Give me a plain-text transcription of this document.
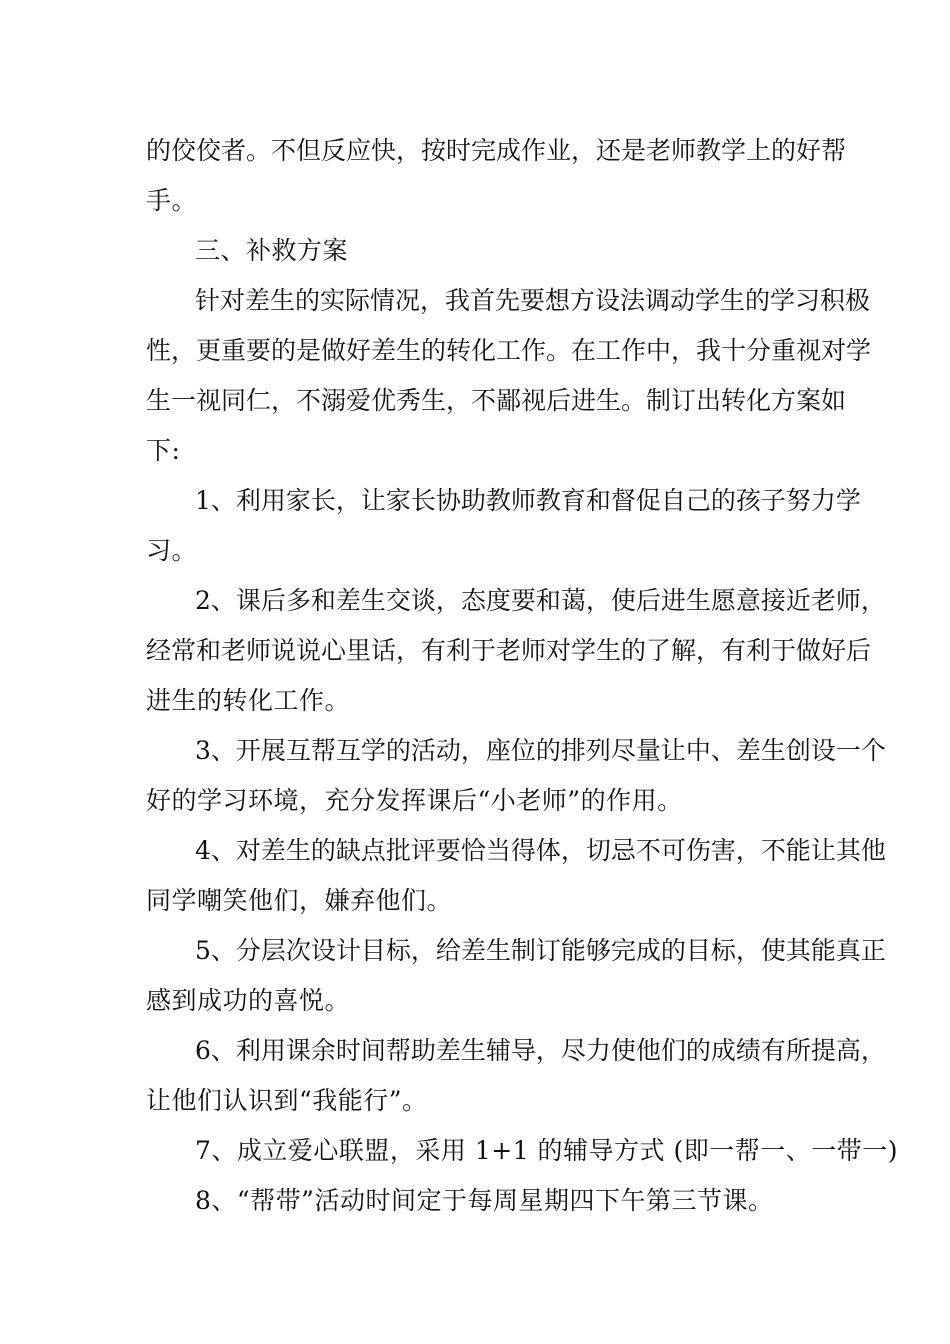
的佼佼者。不但反应快，按时完成作业，还是老师教学上的好帮
手。
三、补救方案
针对差生的实际情况，我首先要想方设法调动学生的学习积极
性，更重要的是做好差生的转化工作。在工作中，我十分重视对学
生一视同仁，不溺爱优秀生，不鄙视后进生。制订出转化方案如
下:
1、利用家长，让家长协助教师教育和督促自己的孩子努力学
习。
2、课后多和差生交谈，态度要和蔼，使后进生愿意接近老师，
经常和老师说说心里话，有利于老师对学生的了解，有利于做好后
进生的转化工作。
3、开展互帮互学的活动，座位的排列尽量让中、差生创设一个
好的学习环境，充分发挥课后“小老师”的作用。
4、对差生的缺点批评要恰当得体，切忌不可伤害，不能让其他
同学嘲笑他们，嫌弃他们。
5、分层次设计目标，给差生制订能够完成的目标，使其能真正
感到成功的喜悦。
6、利用课余时间帮助差生辅导，尽力使他们的成绩有所提高，
让他们认识到“我能行”。
7、成立爱心联盟，采用 1+1 的辅导方式 (即一帮一、一带一)
8、“帮带”活动时间定于每周星期四下午第三节课。
